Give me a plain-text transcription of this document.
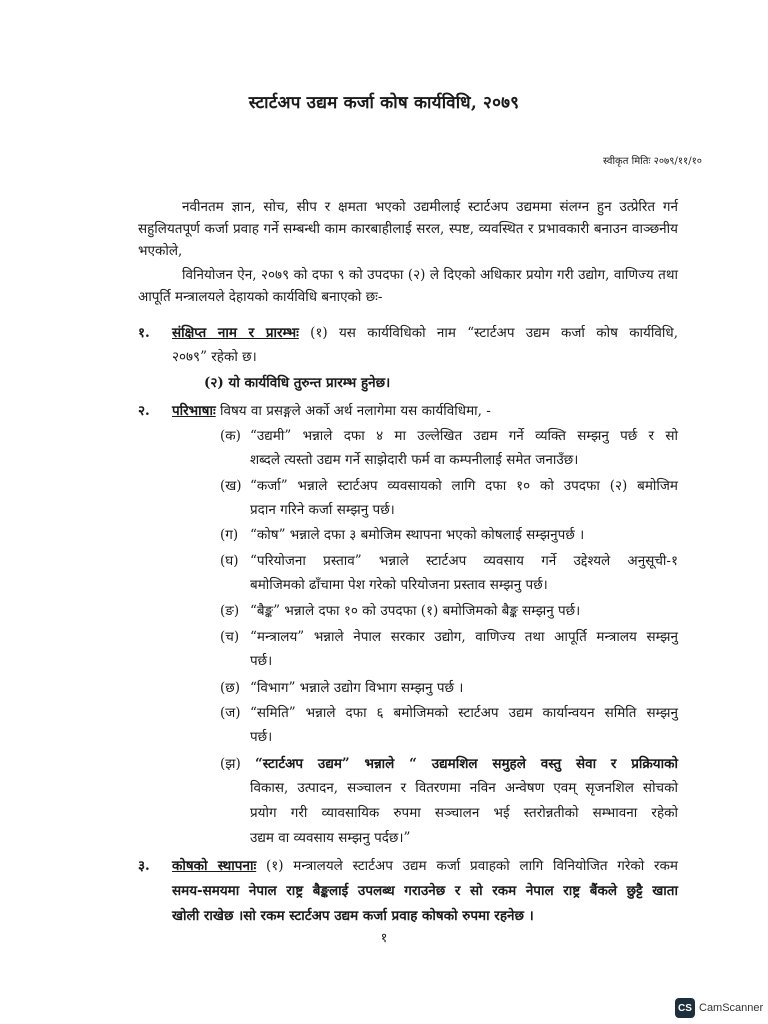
स्टार्टअप उद्यम कर्जा कोष कार्यविधि, २०७९
स्वीकृत मितिः २०७९/११/१०
नवीनतम ज्ञान, सोच, सीप र क्षमता भएको उद्यमीलाई स्टार्टअप उद्यममा संलग्न हुन उत्प्रेरित गर्न सहुलियतपूर्ण कर्जा प्रवाह गर्ने सम्बन्धी काम कारबाहीलाई सरल, स्पष्ट, व्यवस्थित र प्रभावकारी बनाउन वाञ्छनीय भएकोले,
विनियोजन ऐन, २०७९ को दफा ९ को उपदफा (२) ले दिएको अधिकार प्रयोग गरी उद्योग, वाणिज्य तथा आपूर्ति मन्त्रालयले देहायको कार्यविधि बनाएको छः-
१. संक्षिप्त नाम र प्रारम्भः (१) यस कार्यविधिको नाम “स्टार्टअप उद्यम कर्जा कोष कार्यविधि,
२०७९” रहेको छ।
(२) यो कार्यविधि तुरुन्त प्रारम्भ हुनेछ।
२. परिभाषाः विषय वा प्रसङ्गले अर्को अर्थ नलागेमा यस कार्यविधिमा, -
(क) “उद्यमी” भन्नाले दफा ४ मा उल्लेखित उद्यम गर्ने व्यक्ति सम्झनु पर्छ र सो
शब्दले त्यस्तो उद्यम गर्ने साझेदारी फर्म वा कम्पनीलाई समेत जनाउँछ।
(ख) “कर्जा” भन्नाले स्टार्टअप व्यवसायको लागि दफा १० को उपदफा (२) बमोजिम
प्रदान गरिने कर्जा सम्झनु पर्छ।
(ग) “कोष” भन्नाले दफा ३ बमोजिम स्थापना भएको कोषलाई सम्झनुपर्छ ।
(घ) “परियोजना प्रस्ताव” भन्नाले स्टार्टअप व्यवसाय गर्ने उद्देश्यले अनुसूची-१
बमोजिमको ढाँचामा पेश गरेको परियोजना प्रस्ताव सम्झनु पर्छ।
(ङ) “बैङ्क” भन्नाले दफा १० को उपदफा (१) बमोजिमको बैङ्क सम्झनु पर्छ।
(च) “मन्त्रालय” भन्नाले नेपाल सरकार उद्योग, वाणिज्य तथा आपूर्ति मन्त्रालय सम्झनु
पर्छ।
(छ) “विभाग” भन्नाले उद्योग विभाग सम्झनु पर्छ ।
(ज) “समिति” भन्नाले दफा ६ बमोजिमको स्टार्टअप उद्यम कार्यान्वयन समिति सम्झनु
पर्छ।
(झ) “स्टार्टअप उद्यम” भन्नाले “ उद्यमशिल समुहले वस्तु सेवा र प्रक्रियाको
विकास, उत्पादन, सञ्चालन र वितरणमा नविन अन्वेषण एवम् सृजनशिल सोचको
प्रयोग गरी व्यावसायिक रुपमा सञ्चालन भई स्तरोन्नतीको सम्भावना रहेको
उद्यम वा व्यवसाय सम्झनु पर्दछ।”
३. कोषको स्थापनाः (१) मन्त्रालयले स्टार्टअप उद्यम कर्जा प्रवाहको लागि विनियोजित गरेको रकम
समय-समयमा नेपाल राष्ट्र बैङ्कलाई उपलब्ध गराउनेछ र सो रकम नेपाल राष्ट्र बैंकले छुट्टै खाता
खोली राखेछ ।सो रकम स्टार्टअप उद्यम कर्जा प्रवाह कोषको रुपमा रहनेछ ।
१
CS CamScanner
